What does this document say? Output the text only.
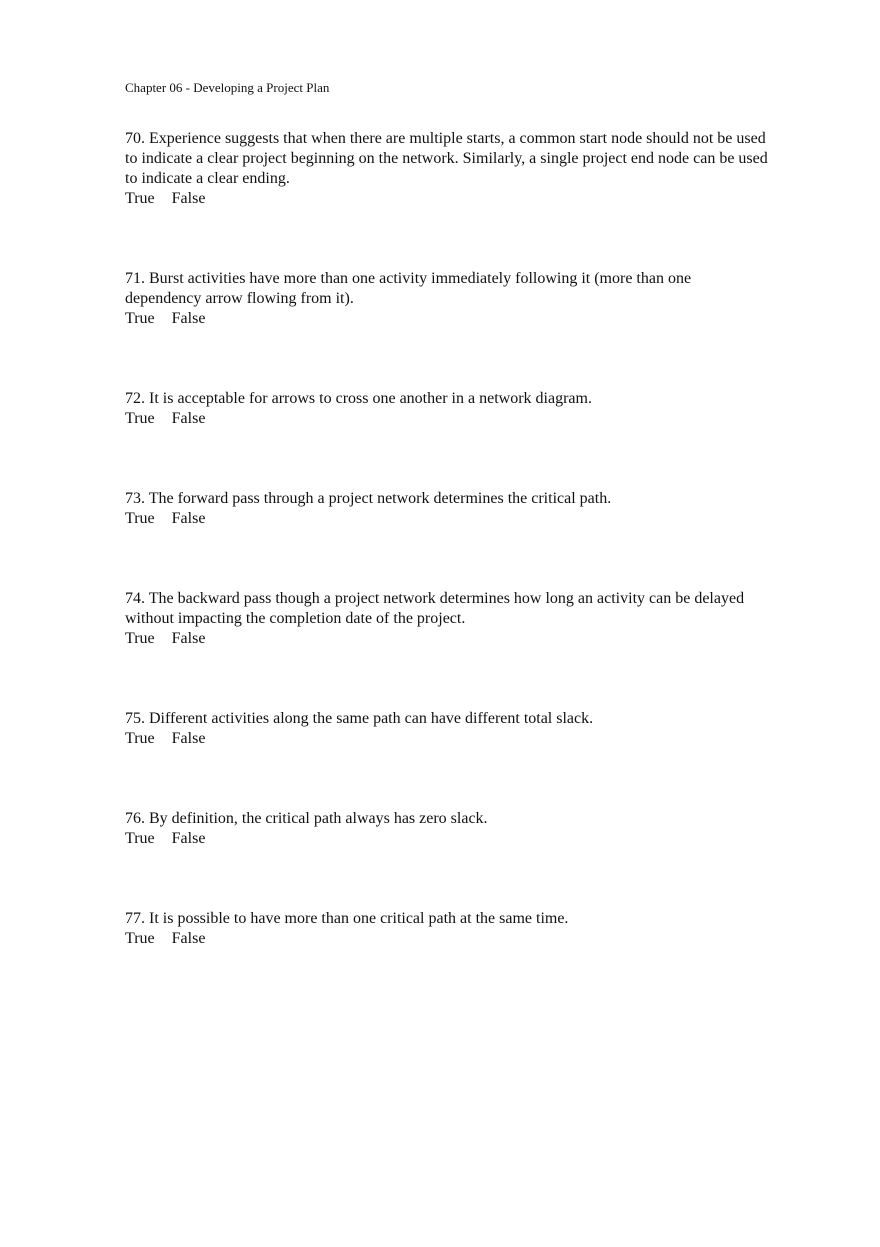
Chapter 06 - Developing a Project Plan
70. Experience suggests that when there are multiple starts, a common start node should not be used to indicate a clear project beginning on the network. Similarly, a single project end node can be used to indicate a clear ending.
True False
71. Burst activities have more than one activity immediately following it (more than one dependency arrow flowing from it).
True False
72. It is acceptable for arrows to cross one another in a network diagram.
True False
73. The forward pass through a project network determines the critical path.
True False
74. The backward pass though a project network determines how long an activity can be delayed without impacting the completion date of the project.
True False
75. Different activities along the same path can have different total slack.
True False
76. By definition, the critical path always has zero slack.
True False
77. It is possible to have more than one critical path at the same time.
True False
